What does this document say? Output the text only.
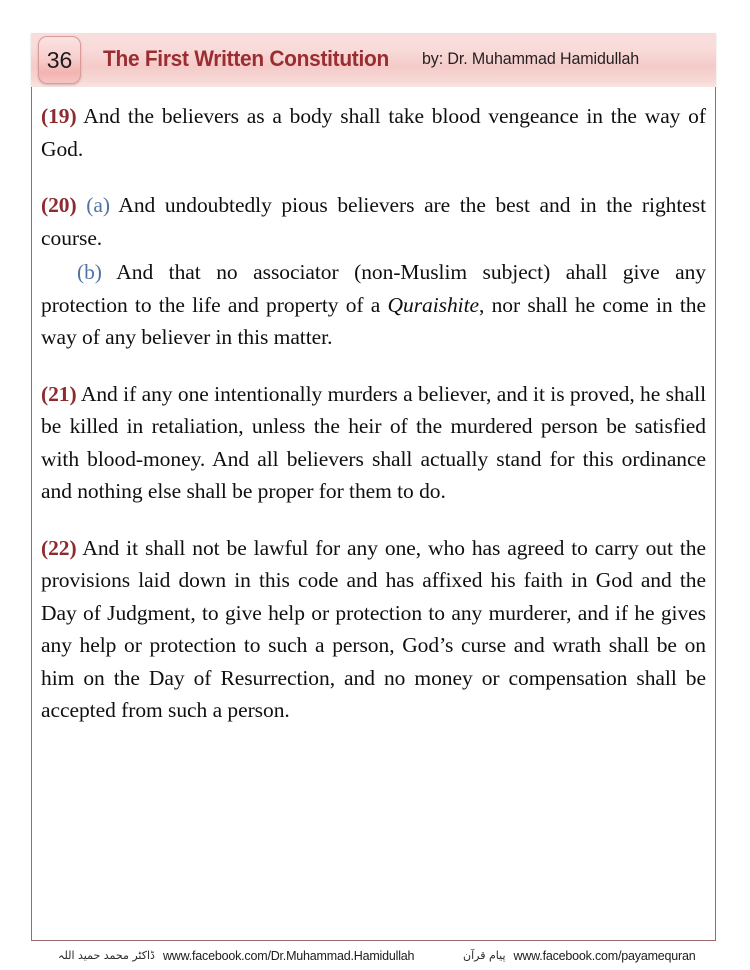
36	The First Written Constitution by: Dr. Muhammad Hamidullah

(19) And the believers as a body shall take blood vengeance in the way of God.

(20) (a) And undoubtedly pious believers are the best and in the rightest course.

(b) And that no associator (non-Muslim subject) ahall give any protection to the life and property of a Quraishite, nor shall he come in the way of any believer in this matter.

(21) And if any one intentionally murders a believer, and it is proved, he shall be killed in retaliation, unless the heir of the murdered person be satisfied with blood-money. And all believers shall actually stand for this ordinance and nothing else shall be proper for them to do.

(22) And it shall not be lawful for any one, who has agreed to carry out the provisions laid down in this code and has affixed his faith in God and the Day of Judgment, to give help or protection to any murderer, and if he gives any help or protection to such a person, God’s curse and wrath shall be on him on the Day of Resurrection, and no money or compensation shall be accepted from such a person.

ڈاکٹر محمد حمید اللہ www.facebook.com/Dr.Muhammad.Hamidullah	پیام قرآن www.facebook.com/payamequran
